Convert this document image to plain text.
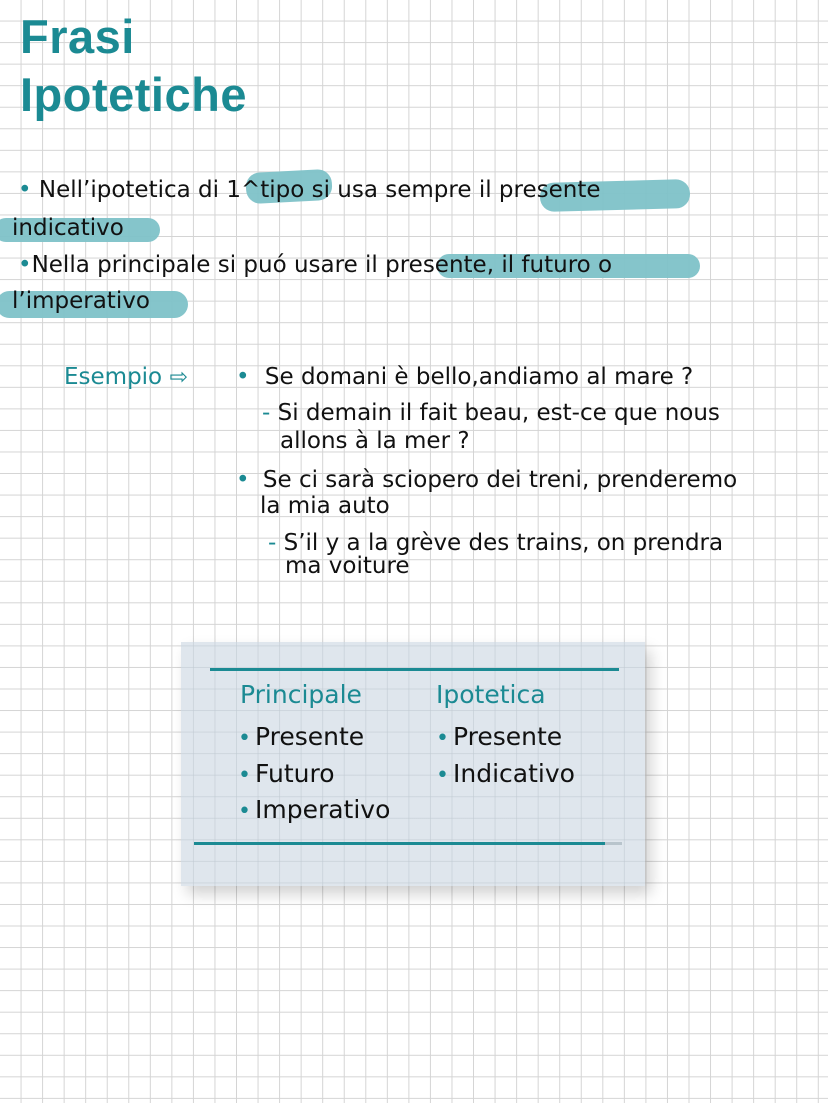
Frasi
Ipotetiche
• Nell’ipotetica di 1^tipo si usa sempre il presente
indicativo
•Nella principale si puó usare il presente, il futuro o
l’imperativo
Esempio ⇨ • Se domani è bello,andiamo al mare ?
- Si demain il fait beau, est-ce que nous
allons à la mer ?
• Se ci sarà sciopero dei treni, prenderemo
la mia auto
- S’il y a la grève des trains, on prendra
ma voiture
Principale	Ipotetica
• Presente
• Futuro
• Imperativo
• Presente
• Indicativo
